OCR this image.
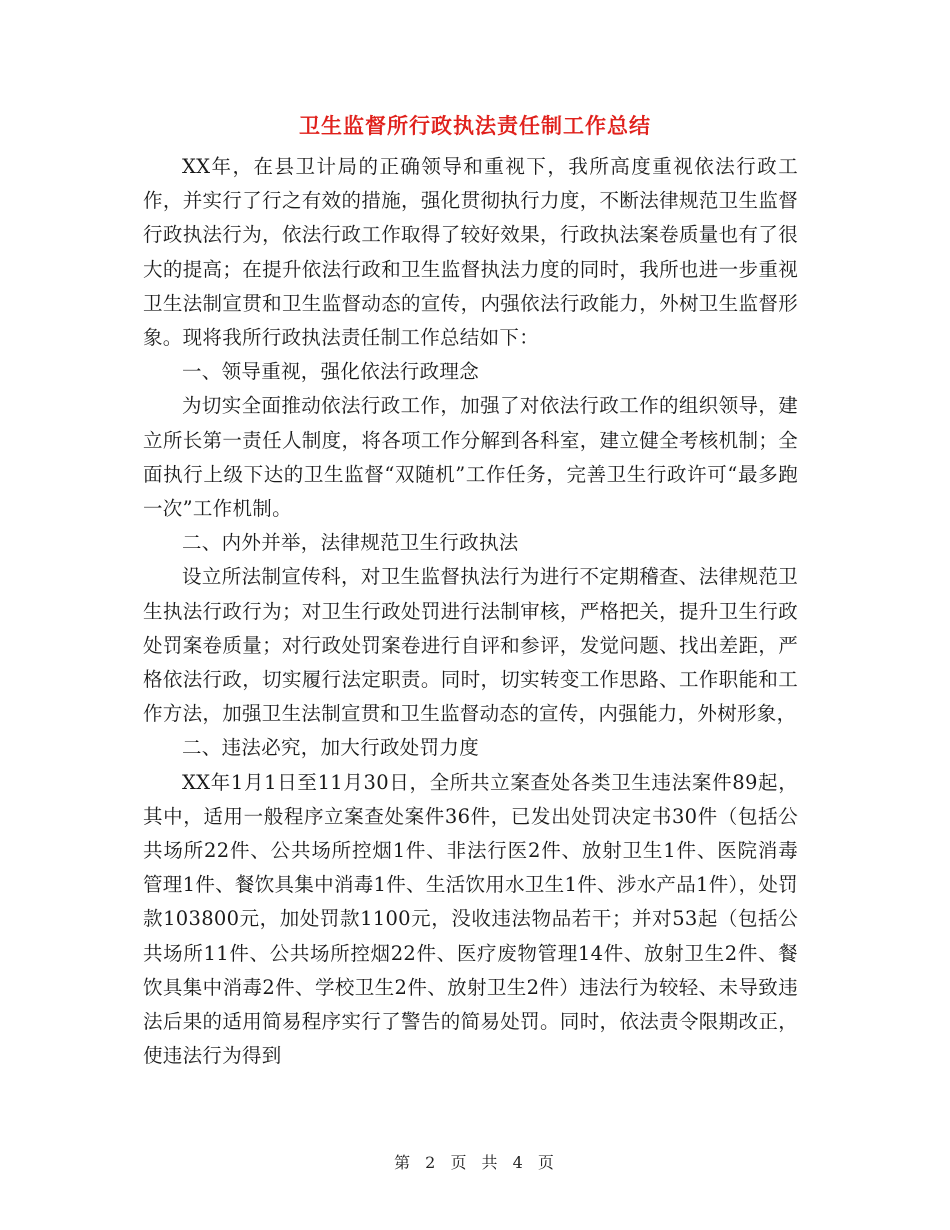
卫生监督所行政执法责任制工作总结

XX年，在县卫计局的正确领导和重视下，我所高度重视依法行政工作，并实行了行之有效的措施，强化贯彻执行力度，不断法律规范卫生监督行政执法行为，依法行政工作取得了较好效果，行政执法案卷质量也有了很大的提高；在提升依法行政和卫生监督执法力度的同时，我所也进一步重视卫生法制宣贯和卫生监督动态的宣传，内强依法行政能力，外树卫生监督形象。现将我所行政执法责任制工作总结如下：

一、领导重视，强化依法行政理念

为切实全面推动依法行政工作，加强了对依法行政工作的组织领导，建立所长第一责任人制度，将各项工作分解到各科室，建立健全考核机制；全面执行上级下达的卫生监督“双随机”工作任务，完善卫生行政许可“最多跑一次”工作机制。

二、内外并举，法律规范卫生行政执法

设立所法制宣传科，对卫生监督执法行为进行不定期稽查、法律规范卫生执法行政行为；对卫生行政处罚进行法制审核，严格把关，提升卫生行政处罚案卷质量；对行政处罚案卷进行自评和参评，发觉问题、找出差距，严格依法行政，切实履行法定职责。同时，切实转变工作思路、工作职能和工作方法，加强卫生法制宣贯和卫生监督动态的宣传，内强能力，外树形象，

二、违法必究，加大行政处罚力度

XX年1月1日至11月30日，全所共立案查处各类卫生违法案件89起，其中，适用一般程序立案查处案件36件，已发出处罚决定书30件（包括公共场所22件、公共场所控烟1件、非法行医2件、放射卫生1件、医院消毒管理1件、餐饮具集中消毒1件、生活饮用水卫生1件、涉水产品1件），处罚款103800元，加处罚款1100元，没收违法物品若干；并对53起（包括公共场所11件、公共场所控烟22件、医疗废物管理14件、放射卫生2件、餐饮具集中消毒2件、学校卫生2件、放射卫生2件）违法行为较轻、未导致违法后果的适用简易程序实行了警告的简易处罚。同时，依法责令限期改正，使违法行为得到

第 2 页 共 4 页
